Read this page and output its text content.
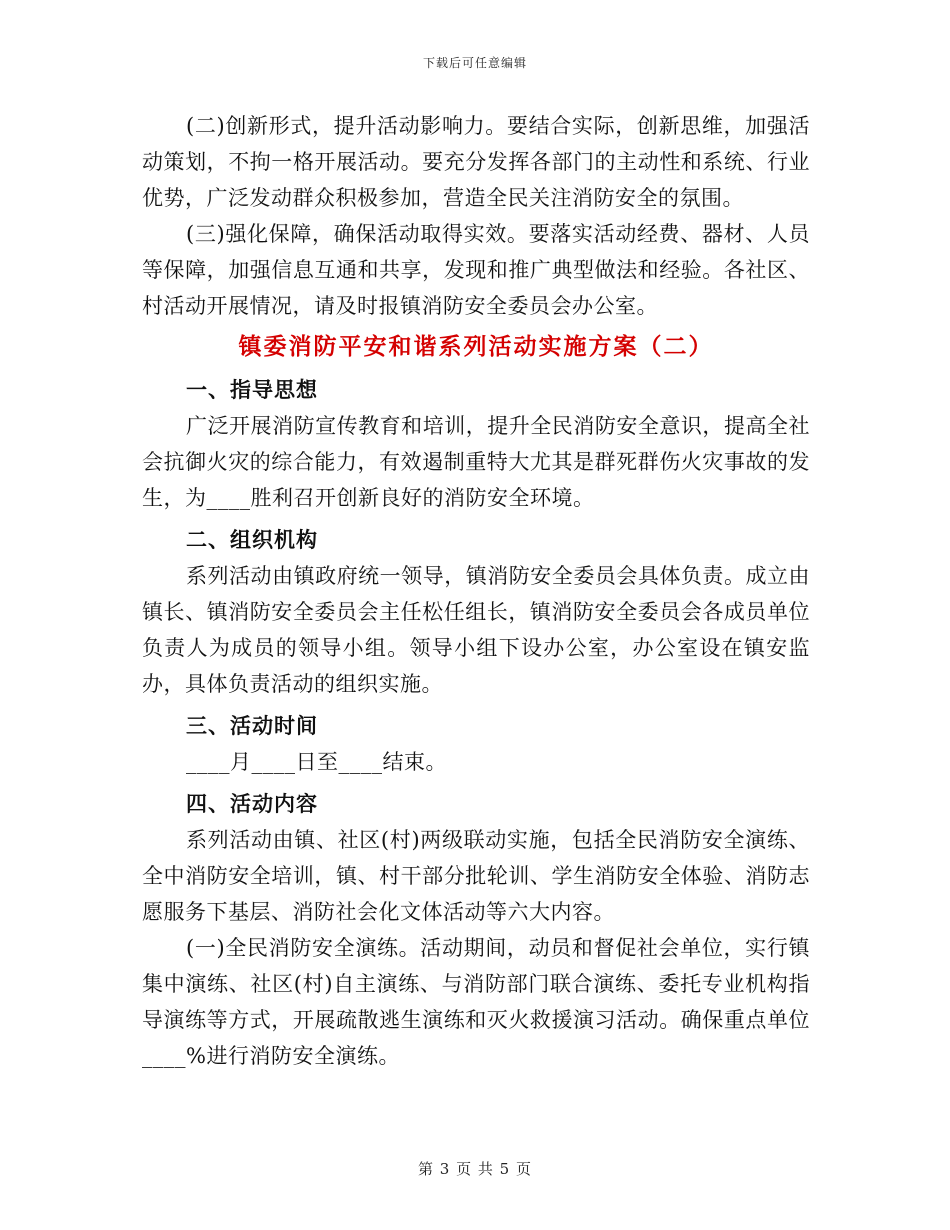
下载后可任意编辑

(二)创新形式，提升活动影响力。要结合实际，创新思维，加强活动策划，不拘一格开展活动。要充分发挥各部门的主动性和系统、行业优势，广泛发动群众积极参加，营造全民关注消防安全的氛围。

(三)强化保障，确保活动取得实效。要落实活动经费、器材、人员等保障，加强信息互通和共享，发现和推广典型做法和经验。各社区、村活动开展情况，请及时报镇消防安全委员会办公室。

镇委消防平安和谐系列活动实施方案（二）
一、指导思想

广泛开展消防宣传教育和培训，提升全民消防安全意识，提高全社会抗御火灾的综合能力，有效遏制重特大尤其是群死群伤火灾事故的发生，为____胜利召开创新良好的消防安全环境。

二、组织机构

系列活动由镇政府统一领导，镇消防安全委员会具体负责。成立由镇长、镇消防安全委员会主任松任组长，镇消防安全委员会各成员单位负责人为成员的领导小组。领导小组下设办公室，办公室设在镇安监办，具体负责活动的组织实施。

三、活动时间

____月____日至____结束。

四、活动内容

系列活动由镇、社区(村)两级联动实施，包括全民消防安全演练、全中消防安全培训，镇、村干部分批轮训、学生消防安全体验、消防志愿服务下基层、消防社会化文体活动等六大内容。

(一)全民消防安全演练。活动期间，动员和督促社会单位，实行镇集中演练、社区(村)自主演练、与消防部门联合演练、委托专业机构指导演练等方式，开展疏散逃生演练和灭火救援演习活动。确保重点单位____%进行消防安全演练。

第 3 页 共 5 页
